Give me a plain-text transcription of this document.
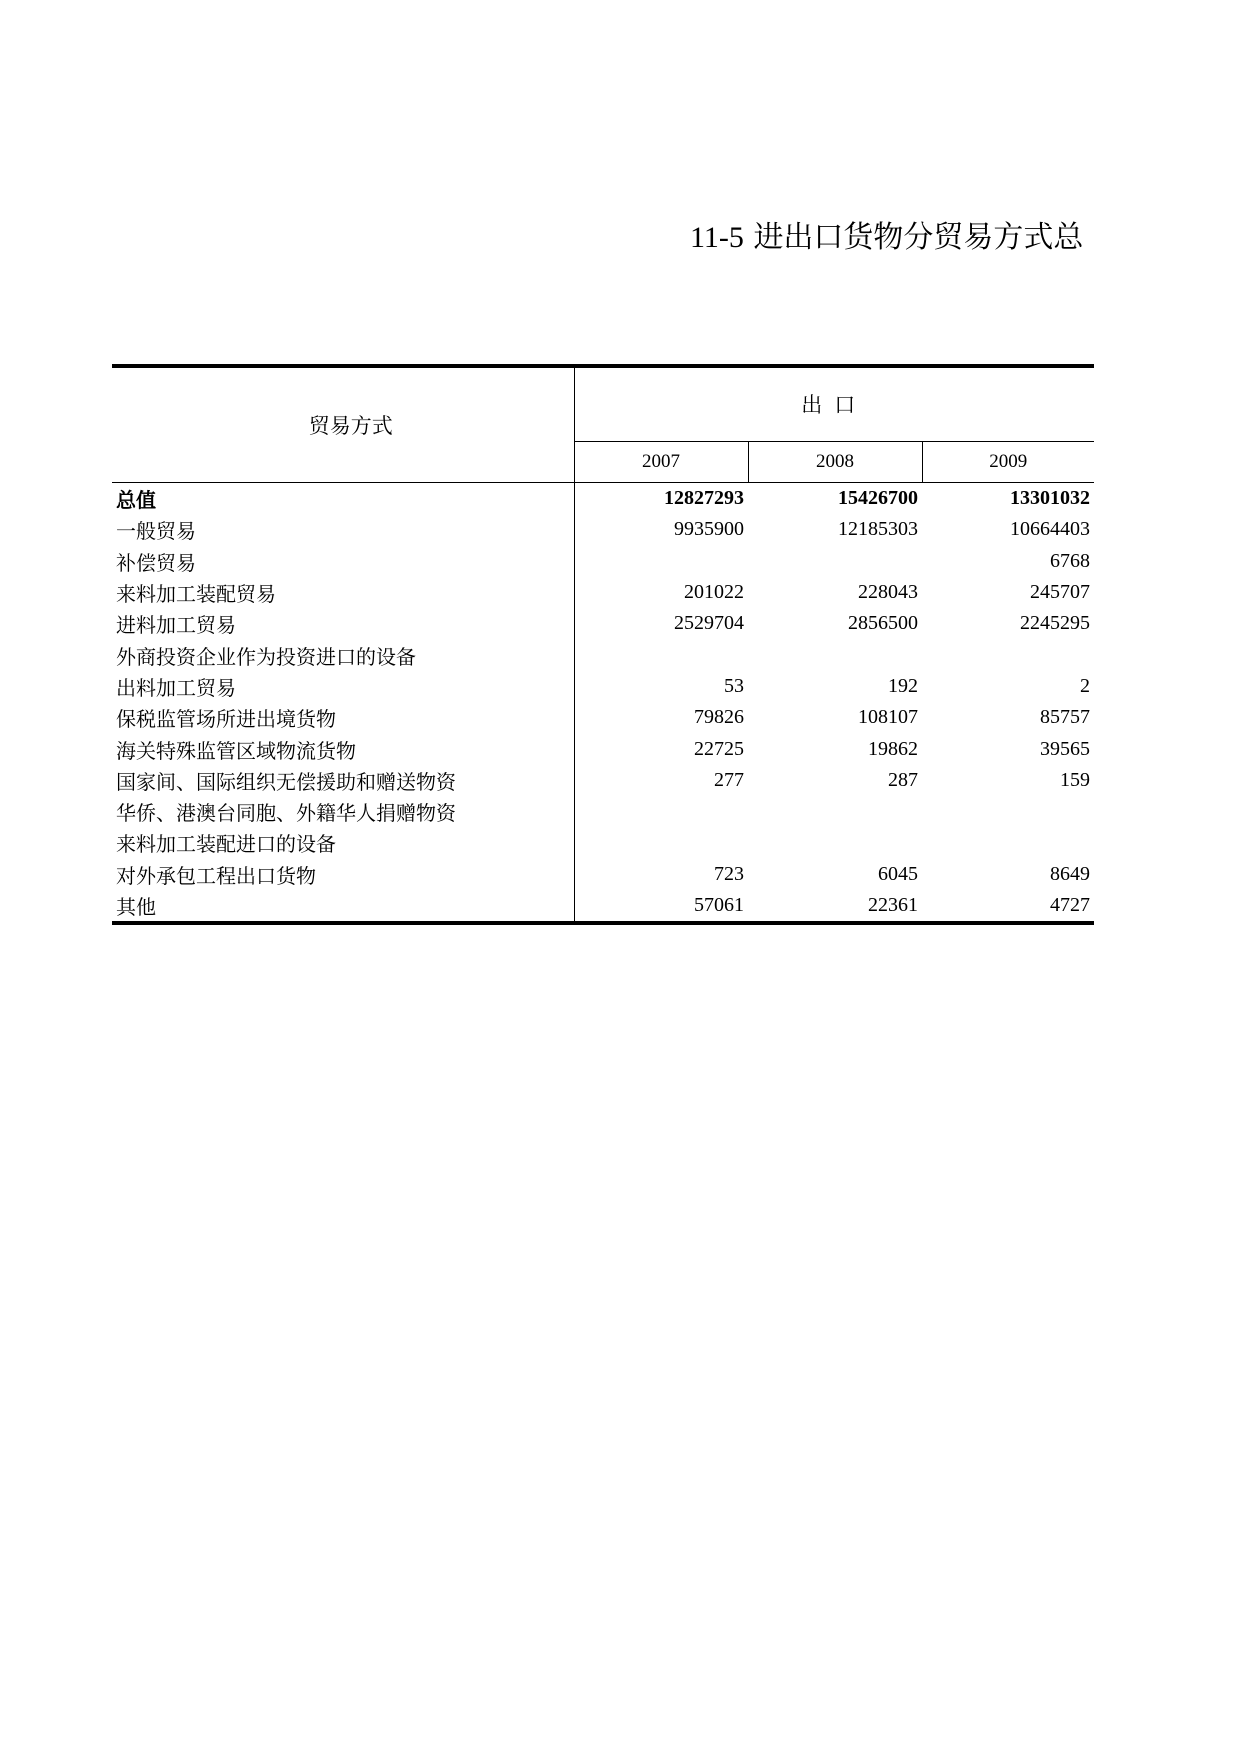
11-5 进出口货物分贸易方式总
贸易方式	出口		
	2007	2008	2009
总值	12827293	15426700	13301032
一般贸易	9935900	12185303	10664403
补偿贸易			6768
来料加工装配贸易	201022	228043	245707
进料加工贸易	2529704	2856500	2245295
外商投资企业作为投资进口的设备			
出料加工贸易	53	192	2
保税监管场所进出境货物	79826	108107	85757
海关特殊监管区域物流货物	22725	19862	39565
国家间、国际组织无偿援助和赠送物资	277	287	159
华侨、港澳台同胞、外籍华人捐赠物资			
来料加工装配进口的设备			
对外承包工程出口货物	723	6045	8649
其他	57061	22361	4727
